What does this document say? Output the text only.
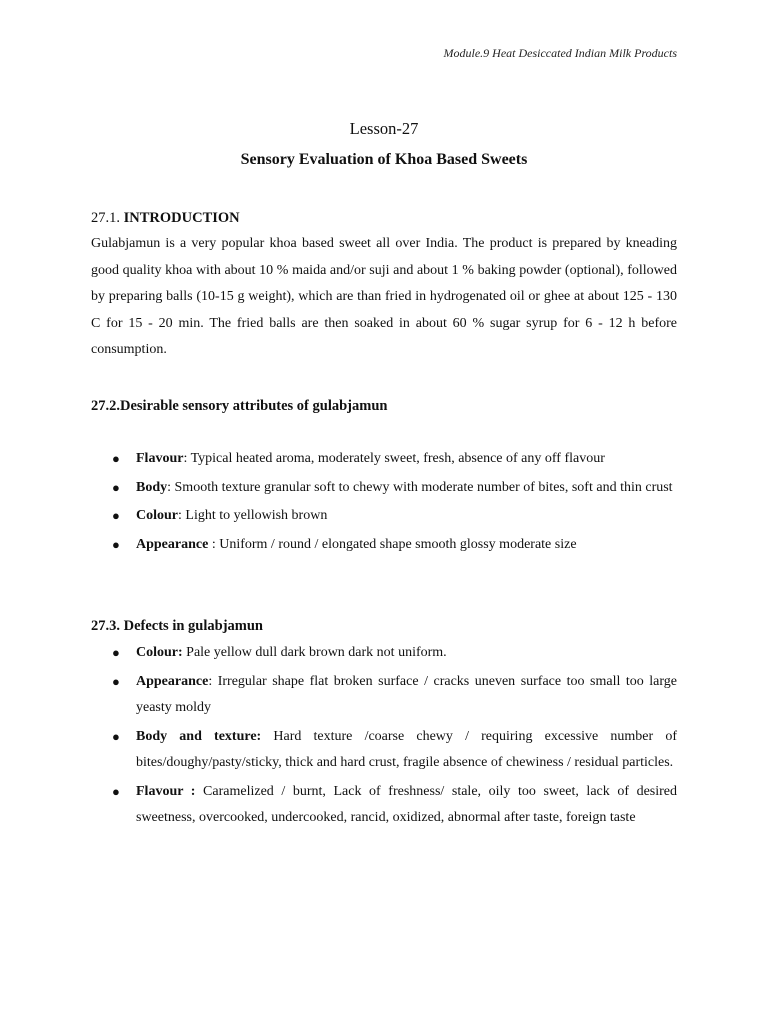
Module.9 Heat Desiccated Indian Milk Products
Lesson-27
Sensory Evaluation of Khoa Based Sweets
27.1. INTRODUCTION
Gulabjamun is a very popular khoa based sweet all over India. The product is prepared by kneading good quality khoa with about 10 % maida and/or suji and about 1 % baking powder (optional), followed by preparing balls (10-15 g weight), which are than fried in hydrogenated oil or ghee at about 125 - 130 C for 15 - 20 min. The fried balls are then soaked in about 60 % sugar syrup for 6 - 12 h before consumption.
27.2.Desirable sensory attributes of gulabjamun
● Flavour: Typical heated aroma, moderately sweet, fresh, absence of any off flavour
● Body: Smooth texture granular soft to chewy with moderate number of bites, soft and thin crust
● Colour: Light to yellowish brown
● Appearance : Uniform / round / elongated shape smooth glossy moderate size
27.3. Defects in gulabjamun
● Colour: Pale yellow dull dark brown dark not uniform.
● Appearance: Irregular shape flat broken surface / cracks uneven surface too small too large yeasty moldy
● Body and texture: Hard texture /coarse chewy / requiring excessive number of bites/doughy/pasty/sticky, thick and hard crust, fragile absence of chewiness / residual particles.
● Flavour : Caramelized / burnt, Lack of freshness/ stale, oily too sweet, lack of desired sweetness, overcooked, undercooked, rancid, oxidized, abnormal after taste, foreign taste
